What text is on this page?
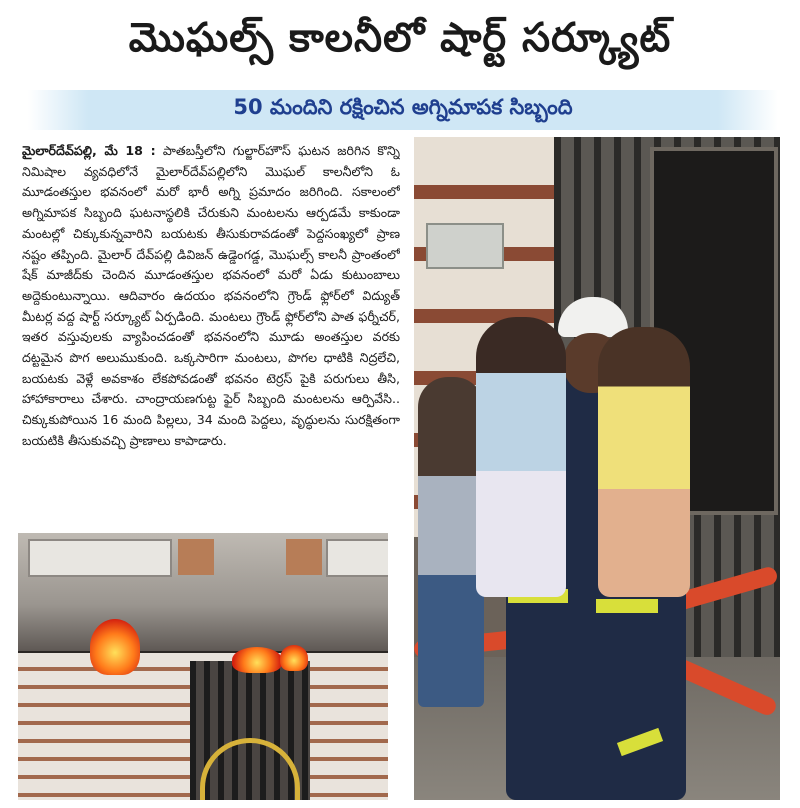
మొఘల్స్ కాలనీలో షార్ట్ సర్క్యూట్
50 మందిని రక్షించిన అగ్నిమాపక సిబ్బంది
మైలార్‌దేవ్‌పల్లి, మే 18 : పాతబస్తీలోని గుల్జార్‌హౌస్ ఘటన జరిగిన కొన్ని నిమిషాల వ్యవధిలోనే మైలార్‌దేవ్‌పల్లిలోని మొఘల్ కాలనీలోని ఓ మూడంతస్తుల భవనంలో మరో భారీ అగ్ని ప్రమాదం జరిగింది. సకాలంలో అగ్నిమాపక సిబ్బంది ఘటనాస్థలికి చేరుకుని మంటలను ఆర్పడమే కాకుండా మంటల్లో చిక్కుకున్నవారిని బయటకు తీసుకురావడంతో పెద్దసంఖ్యలో ప్రాణ నష్టం తప్పింది. మైలార్ దేవ్‌పల్లి డివిజన్ ఉడ్డెంగడ్డ, మొఘల్స్ కాలనీ ప్రాంతంలో షేక్ మాజీద్‌కు చెందిన మూడంతస్తుల భవనంలో మరో ఏడు కుటుంబాలు అద్దెకుంటున్నాయి. ఆదివారం ఉదయం భవనంలోని గ్రౌండ్ ఫ్లోర్‌లో విద్యుత్ మీటర్ల వద్ద షార్ట్ సర్క్యూట్ ఏర్పడింది. మంటలు గ్రౌండ్ ఫ్లోర్‌లోని పాత ఫర్నీచర్, ఇతర వస్తువులకు వ్యాపించడంతో భవనంలోని మూడు అంతస్తుల వరకు దట్టమైన పొగ అలుముకుంది. ఒక్కసారిగా మంటలు, పొగల ధాటికి నిద్రలేచి, బయటకు వెళ్లే అవకాశం లేకపోవడంతో భవనం టెర్రస్ పైకి పరుగులు తీసి, హాహాకారాలు చేశారు. చాంద్రాయణగుట్ట ఫైర్ సిబ్బంది మంటలను ఆర్పివేసి.. చిక్కుకుపోయిన 16 మంది పిల్లలు, 34 మంది పెద్దలు, వృద్ధులను సురక్షితంగా బయటికి తీసుకువచ్చి ప్రాణాలు కాపాడారు.
